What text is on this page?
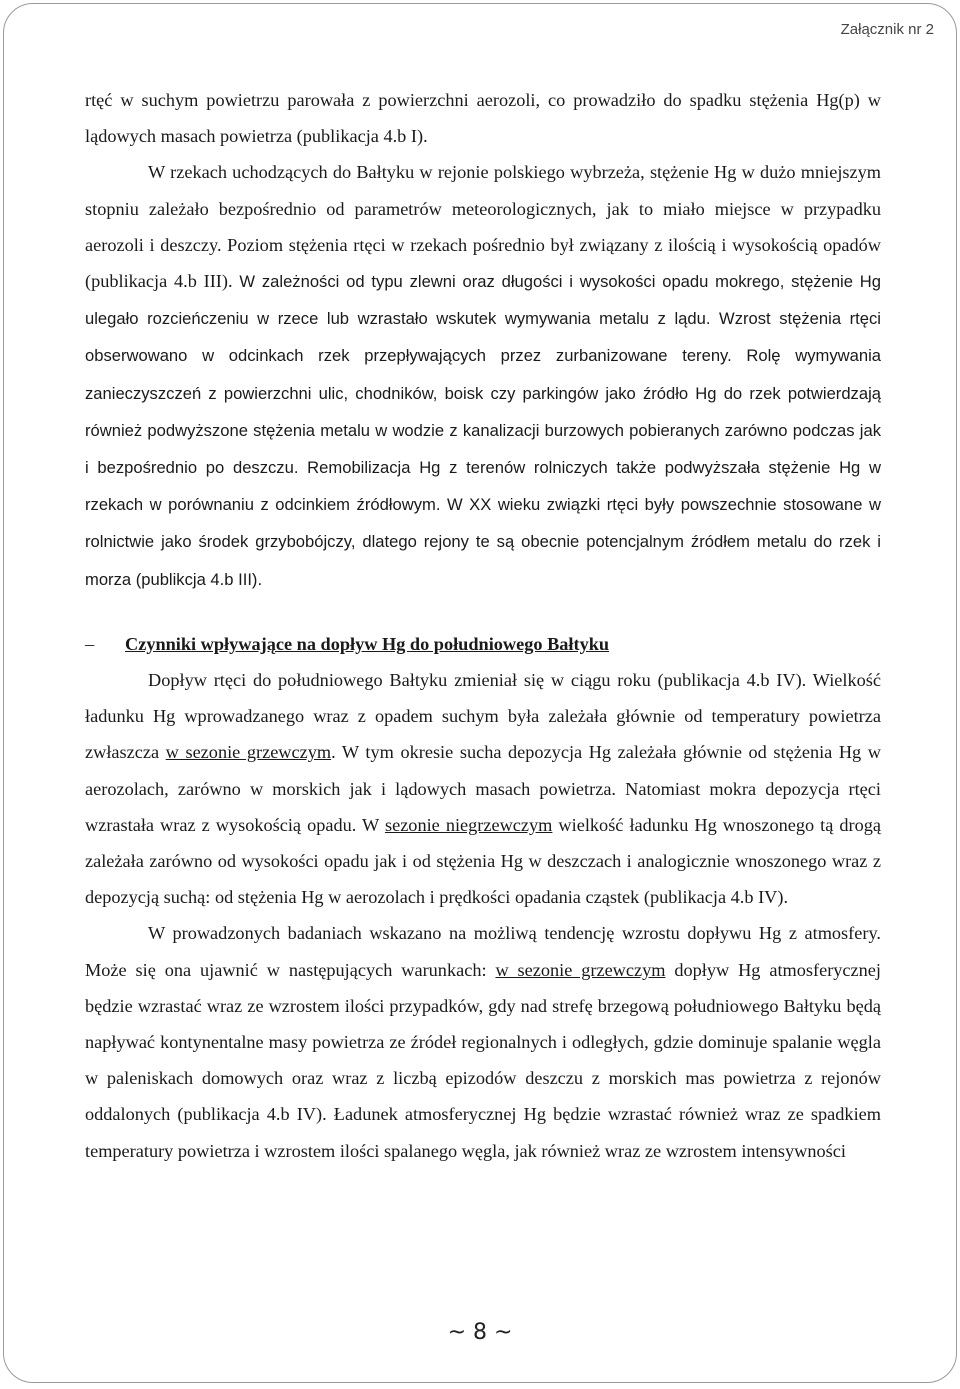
Załącznik nr 2

rtęć w suchym powietrzu parowała z powierzchni aerozoli, co prowadziło do spadku stężenia Hg(p) w lądowych masach powietrza (publikacja 4.b I).

W rzekach uchodzących do Bałtyku w rejonie polskiego wybrzeża, stężenie Hg w dużo mniejszym stopniu zależało bezpośrednio od parametrów meteorologicznych, jak to miało miejsce w przypadku aerozoli i deszczy. Poziom stężenia rtęci w rzekach pośrednio był związany z ilością i wysokością opadów (publikacja 4.b III). W zależności od typu zlewni oraz długości i wysokości opadu mokrego, stężenie Hg ulegało rozcieńczeniu w rzece lub wzrastało wskutek wymywania metalu z lądu. Wzrost stężenia rtęci obserwowano w odcinkach rzek przepływających przez zurbanizowane tereny. Rolę wymywania zanieczyszczeń z powierzchni ulic, chodników, boisk czy parkingów jako źródło Hg do rzek potwierdzają również podwyższone stężenia metalu w wodzie z kanalizacji burzowych pobieranych zarówno podczas jak i bezpośrednio po deszczu. Remobilizacja Hg z terenów rolniczych także podwyższała stężenie Hg w rzekach w porównaniu z odcinkiem źródłowym. W XX wieku związki rtęci były powszechnie stosowane w rolnictwie jako środek grzybobójczy, dlatego rejony te są obecnie potencjalnym źródłem metalu do rzek i morza (publikcja 4.b III).

–	Czynniki wpływające na dopływ Hg do południowego Bałtyku

Dopływ rtęci do południowego Bałtyku zmieniał się w ciągu roku (publikacja 4.b IV). Wielkość ładunku Hg wprowadzanego wraz z opadem suchym była zależała głównie od temperatury powietrza zwłaszcza w sezonie grzewczym. W tym okresie sucha depozycja Hg zależała głównie od stężenia Hg w aerozolach, zarówno w morskich jak i lądowych masach powietrza. Natomiast mokra depozycja rtęci wzrastała wraz z wysokością opadu. W sezonie niegrzewczym wielkość ładunku Hg wnoszonego tą drogą zależała zarówno od wysokości opadu jak i od stężenia Hg w deszczach i analogicznie wnoszonego wraz z depozycją suchą: od stężenia Hg w aerozolach i prędkości opadania cząstek (publikacja 4.b IV).

W prowadzonych badaniach wskazano na możliwą tendencję wzrostu dopływu Hg z atmosfery. Może się ona ujawnić w następujących warunkach: w sezonie grzewczym dopływ Hg atmosferycznej będzie wzrastać wraz ze wzrostem ilości przypadków, gdy nad strefę brzegową południowego Bałtyku będą napływać kontynentalne masy powietrza ze źródeł regionalnych i odległych, gdzie dominuje spalanie węgla w paleniskach domowych oraz wraz z liczbą epizodów deszczu z morskich mas powietrza z rejonów oddalonych (publikacja 4.b IV). Ładunek atmosferycznej Hg będzie wzrastać również wraz ze spadkiem temperatury powietrza i wzrostem ilości spalanego węgla, jak również wraz ze wzrostem intensywności

~ 8 ~
